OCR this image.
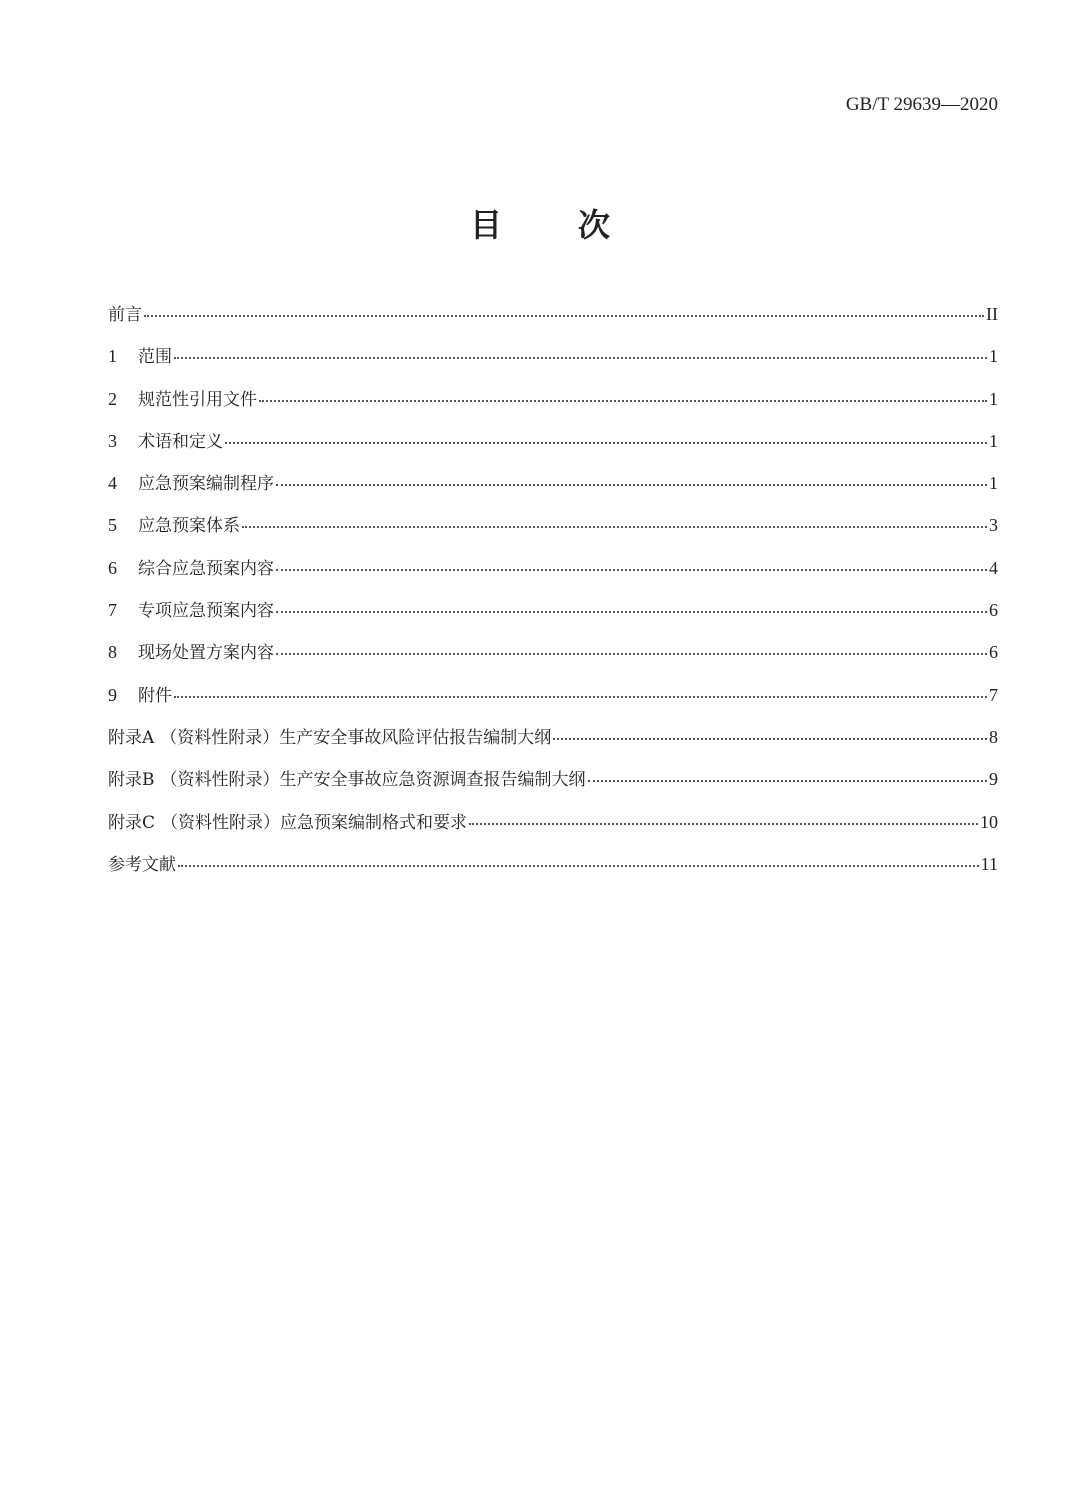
GB/T 29639—2020
目 次
前言	II
1	范围	1
2	规范性引用文件	1
3	术语和定义	1
4	应急预案编制程序	1
5	应急预案体系	3
6	综合应急预案内容	4
7	专项应急预案内容	6
8	现场处置方案内容	6
9	附件	7
附录A （资料性附录）生产安全事故风险评估报告编制大纲	8
附录B （资料性附录）生产安全事故应急资源调查报告编制大纲	9
附录C （资料性附录）应急预案编制格式和要求	10
参考文献	11
